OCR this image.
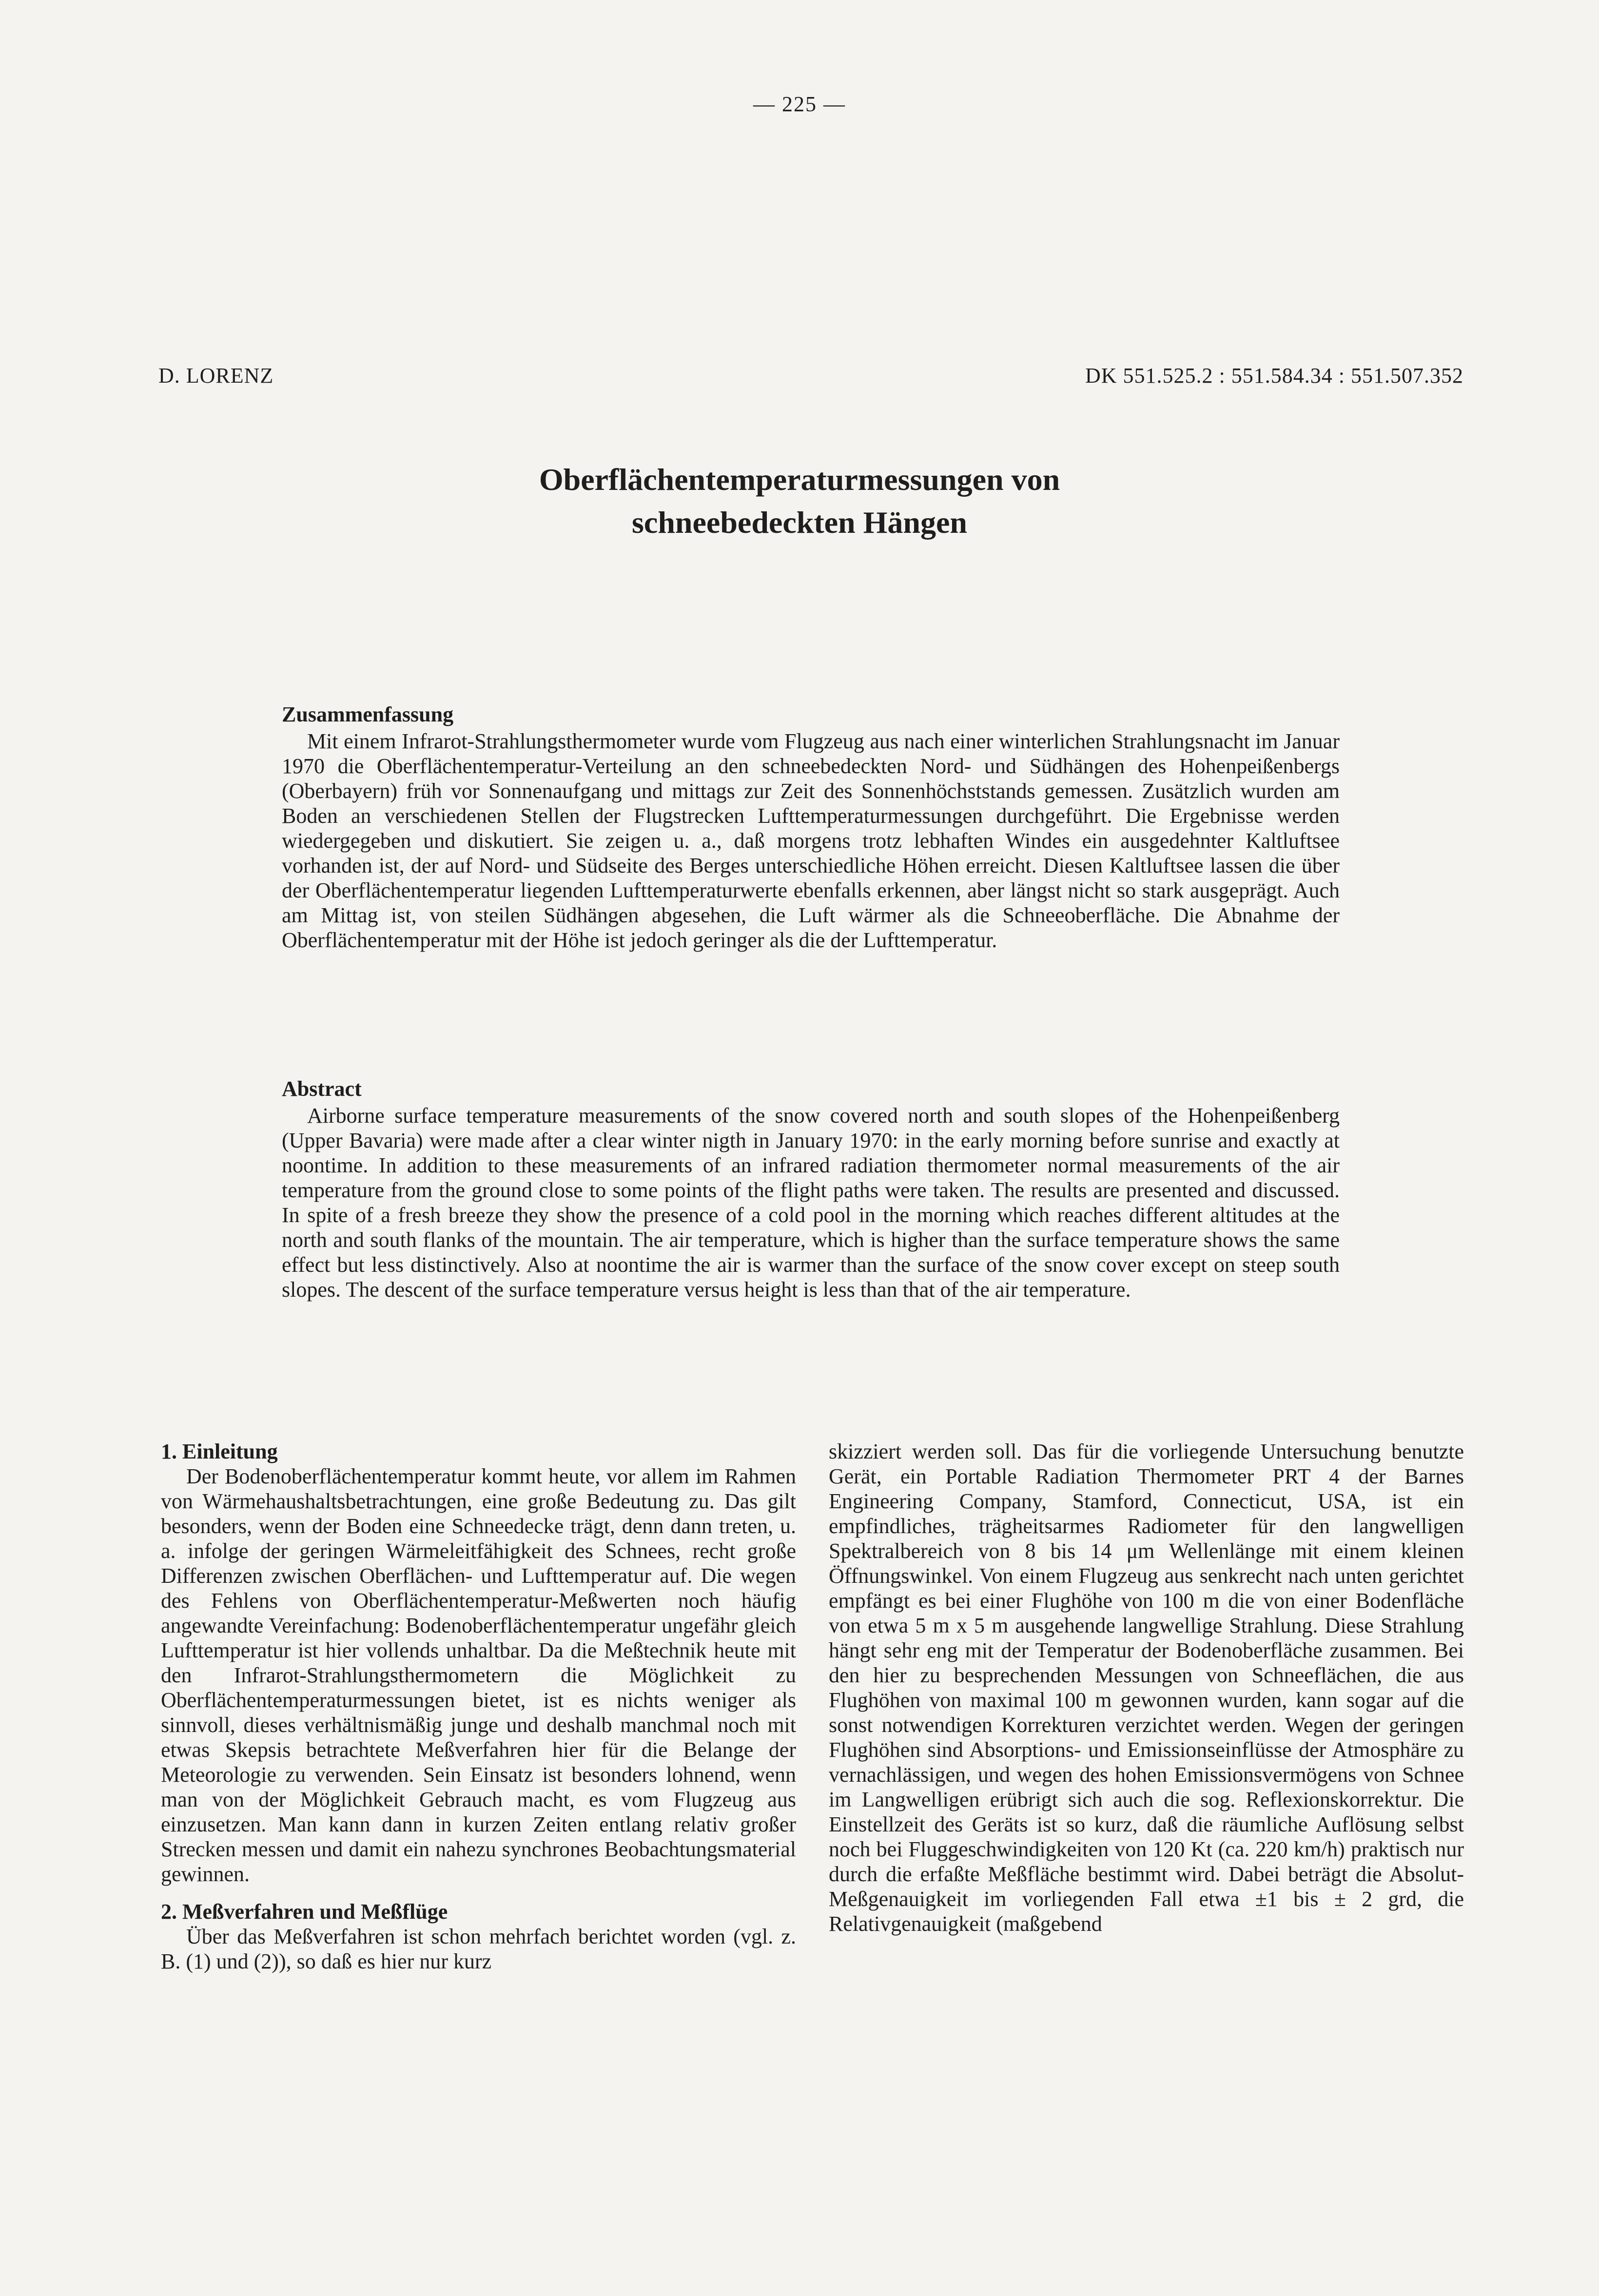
— 225 —
D. LORENZ	DK 551.525.2 : 551.584.34 : 551.507.352
Oberflächentemperaturmessungen von
schneebedeckten Hängen
Zusammenfassung
Mit einem Infrarot-Strahlungsthermometer wurde vom Flugzeug aus nach einer winterlichen Strahlungsnacht im Januar 1970 die Oberflächentemperatur-Verteilung an den schneebedeckten Nord- und Südhängen des Hohenpeißenbergs (Oberbayern) früh vor Sonnenaufgang und mittags zur Zeit des Sonnenhöchststands gemessen. Zusätzlich wurden am Boden an verschiedenen Stellen der Flugstrecken Lufttemperaturmessungen durchgeführt. Die Ergebnisse werden wiedergegeben und diskutiert. Sie zeigen u. a., daß morgens trotz lebhaften Windes ein ausgedehnter Kaltluftsee vorhanden ist, der auf Nord- und Südseite des Berges unterschiedliche Höhen erreicht. Diesen Kaltluftsee lassen die über der Oberflächentemperatur liegenden Lufttemperaturwerte ebenfalls erkennen, aber längst nicht so stark ausgeprägt. Auch am Mittag ist, von steilen Südhängen abgesehen, die Luft wärmer als die Schneeoberfläche. Die Abnahme der Oberflächentemperatur mit der Höhe ist jedoch geringer als die der Lufttemperatur.
Abstract
Airborne surface temperature measurements of the snow covered north and south slopes of the Hohenpeißenberg (Upper Bavaria) were made after a clear winter nigth in January 1970: in the early morning before sunrise and exactly at noontime. In addition to these measurements of an infrared radiation thermometer normal measurements of the air temperature from the ground close to some points of the flight paths were taken. The results are presented and discussed. In spite of a fresh breeze they show the presence of a cold pool in the morning which reaches different altitudes at the north and south flanks of the mountain. The air temperature, which is higher than the surface temperature shows the same effect but less distinctively. Also at noontime the air is warmer than the surface of the snow cover except on steep south slopes. The descent of the surface temperature versus height is less than that of the air temperature.

1. Einleitung

Der Bodenoberflächentemperatur kommt heute, vor allem im Rahmen von Wärmehaushaltsbetrachtungen, eine große Bedeutung zu. Das gilt besonders, wenn der Boden eine Schneedecke trägt, denn dann treten, u. a. infolge der geringen Wärmeleitfähigkeit des Schnees, recht große Differenzen zwischen Oberflächen- und Lufttemperatur auf. Die wegen des Fehlens von Oberflächentemperatur-Meßwerten noch häufig angewandte Vereinfachung: Bodenoberflächentemperatur ungefähr gleich Lufttemperatur ist hier vollends unhaltbar. Da die Meßtechnik heute mit den Infrarot-Strahlungsthermometern die Möglichkeit zu Oberflächentemperaturmessungen bietet, ist es nichts weniger als sinnvoll, dieses verhältnismäßig junge und deshalb manchmal noch mit etwas Skepsis betrachtete Meßverfahren hier für die Belange der Meteorologie zu verwenden. Sein Einsatz ist besonders lohnend, wenn man von der Möglichkeit Gebrauch macht, es vom Flugzeug aus einzusetzen. Man kann dann in kurzen Zeiten entlang relativ großer Strecken messen und damit ein nahezu synchrones Beobachtungsmaterial gewinnen.

2. Meßverfahren und Meßflüge

Über das Meßverfahren ist schon mehrfach berichtet worden (vgl. z. B. (1) und (2)), so daß es hier nur kurz

skizziert werden soll. Das für die vorliegende Untersuchung benutzte Gerät, ein Portable Radiation Thermometer PRT 4 der Barnes Engineering Company, Stamford, Connecticut, USA, ist ein empfindliches, trägheitsarmes Radiometer für den langwelligen Spektralbereich von 8 bis 14 μm Wellenlänge mit einem kleinen Öffnungswinkel. Von einem Flugzeug aus senkrecht nach unten gerichtet empfängt es bei einer Flughöhe von 100 m die von einer Bodenfläche von etwa 5 m x 5 m ausgehende langwellige Strahlung. Diese Strahlung hängt sehr eng mit der Temperatur der Bodenoberfläche zusammen. Bei den hier zu besprechenden Messungen von Schneeflächen, die aus Flughöhen von maximal 100 m gewonnen wurden, kann sogar auf die sonst notwendigen Korrekturen verzichtet werden. Wegen der geringen Flughöhen sind Absorptions- und Emissionseinflüsse der Atmosphäre zu vernachlässigen, und wegen des hohen Emissionsvermögens von Schnee im Langwelligen erübrigt sich auch die sog. Reflexionskorrektur. Die Einstellzeit des Geräts ist so kurz, daß die räumliche Auflösung selbst noch bei Fluggeschwindigkeiten von 120 Kt (ca. 220 km/h) praktisch nur durch die erfaßte Meßfläche bestimmt wird. Dabei beträgt die Absolut-Meßgenauigkeit im vorliegenden Fall etwa ±1 bis ± 2 grd, die Relativgenauigkeit (maßgebend
